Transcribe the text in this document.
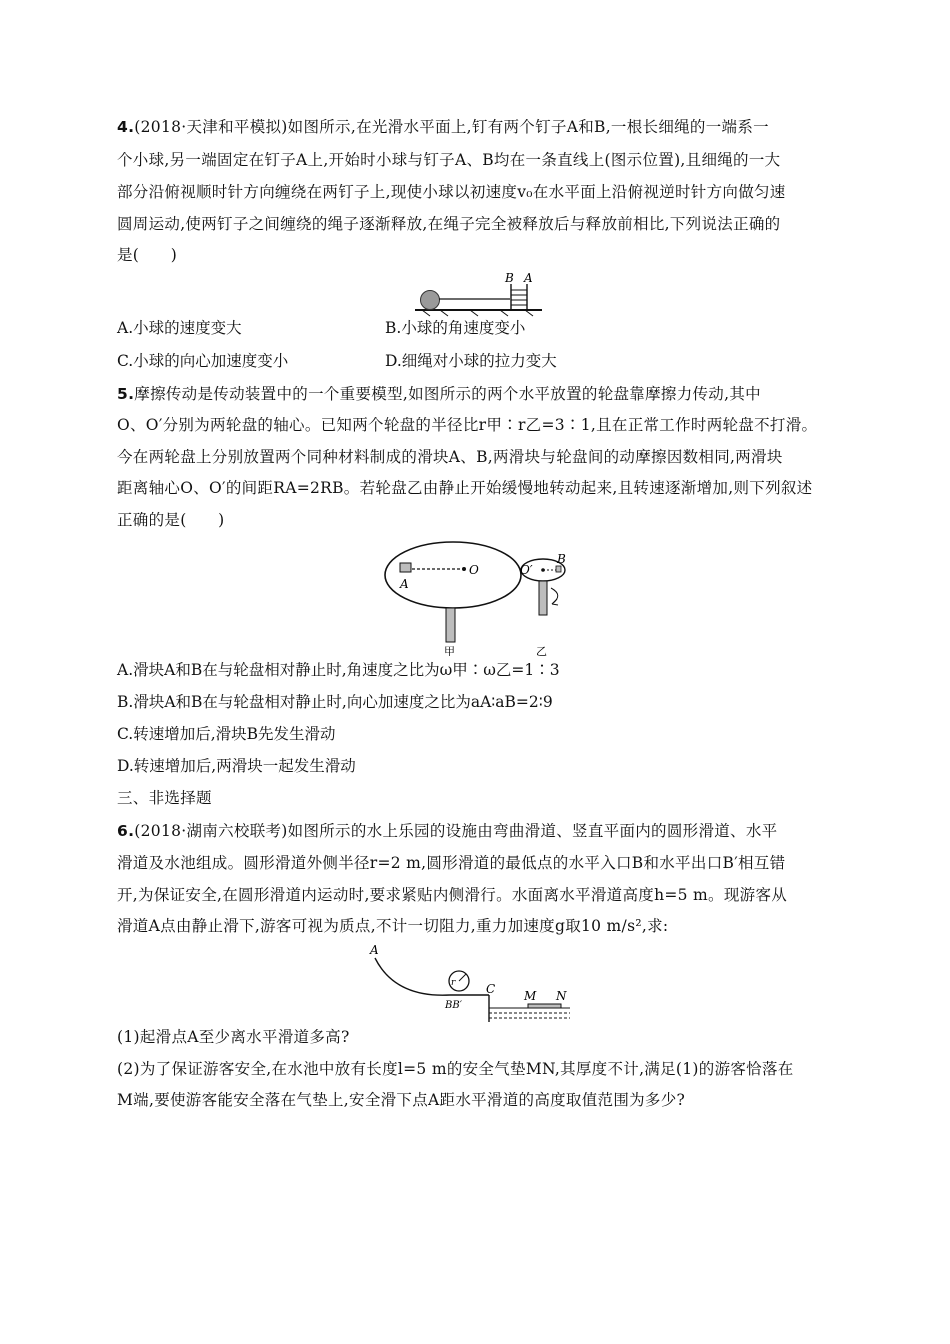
4.(2018·天津和平模拟)如图所示,在光滑水平面上,钉有两个钉子A和B,一根长细绳的一端系一
个小球,另一端固定在钉子A上,开始时小球与钉子A、B均在一条直线上(图示位置),且细绳的一大
部分沿俯视顺时针方向缠绕在两钉子上,现使小球以初速度v₀在水平面上沿俯视逆时针方向做匀速
圆周运动,使两钉子之间缠绕的绳子逐渐释放,在绳子完全被释放后与释放前相比,下列说法正确的
是(　　)
B A
A.小球的速度变大	B.小球的角速度变小
C.小球的向心加速度变小	D.细绳对小球的拉力变大
5.摩擦传动是传动装置中的一个重要模型,如图所示的两个水平放置的轮盘靠摩擦力传动,其中
O、O′分别为两轮盘的轴心。已知两个轮盘的半径比r甲∶r乙=3∶1,且在正常工作时两轮盘不打滑。
今在两轮盘上分别放置两个同种材料制成的滑块A、B,两滑块与轮盘间的动摩擦因数相同,两滑块
距离轴心O、O′的间距RA=2RB。若轮盘乙由静止开始缓慢地转动起来,且转速逐渐增加,则下列叙述
正确的是(　　)
A
O	O′
B
甲	乙
A.滑块A和B在与轮盘相对静止时,角速度之比为ω甲∶ω乙=1∶3
B.滑块A和B在与轮盘相对静止时,向心加速度之比为aA∶aB=2∶9
C.转速增加后,滑块B先发生滑动
D.转速增加后,两滑块一起发生滑动
三、非选择题
6.(2018·湖南六校联考)如图所示的水上乐园的设施由弯曲滑道、竖直平面内的圆形滑道、水平
滑道及水池组成。圆形滑道外侧半径r=2 m,圆形滑道的最低点的水平入口B和水平出口B′相互错
开,为保证安全,在圆形滑道内运动时,要求紧贴内侧滑行。水面离水平滑道高度h=5 m。现游客从
滑道A点由静止滑下,游客可视为质点,不计一切阻力,重力加速度g取10 m/s²,求:
A
r
BB′
C M N
(1)起滑点A至少离水平滑道多高?
(2)为了保证游客安全,在水池中放有长度l=5 m的安全气垫MN,其厚度不计,满足(1)的游客恰落在
M端,要使游客能安全落在气垫上,安全滑下点A距水平滑道的高度取值范围为多少?
